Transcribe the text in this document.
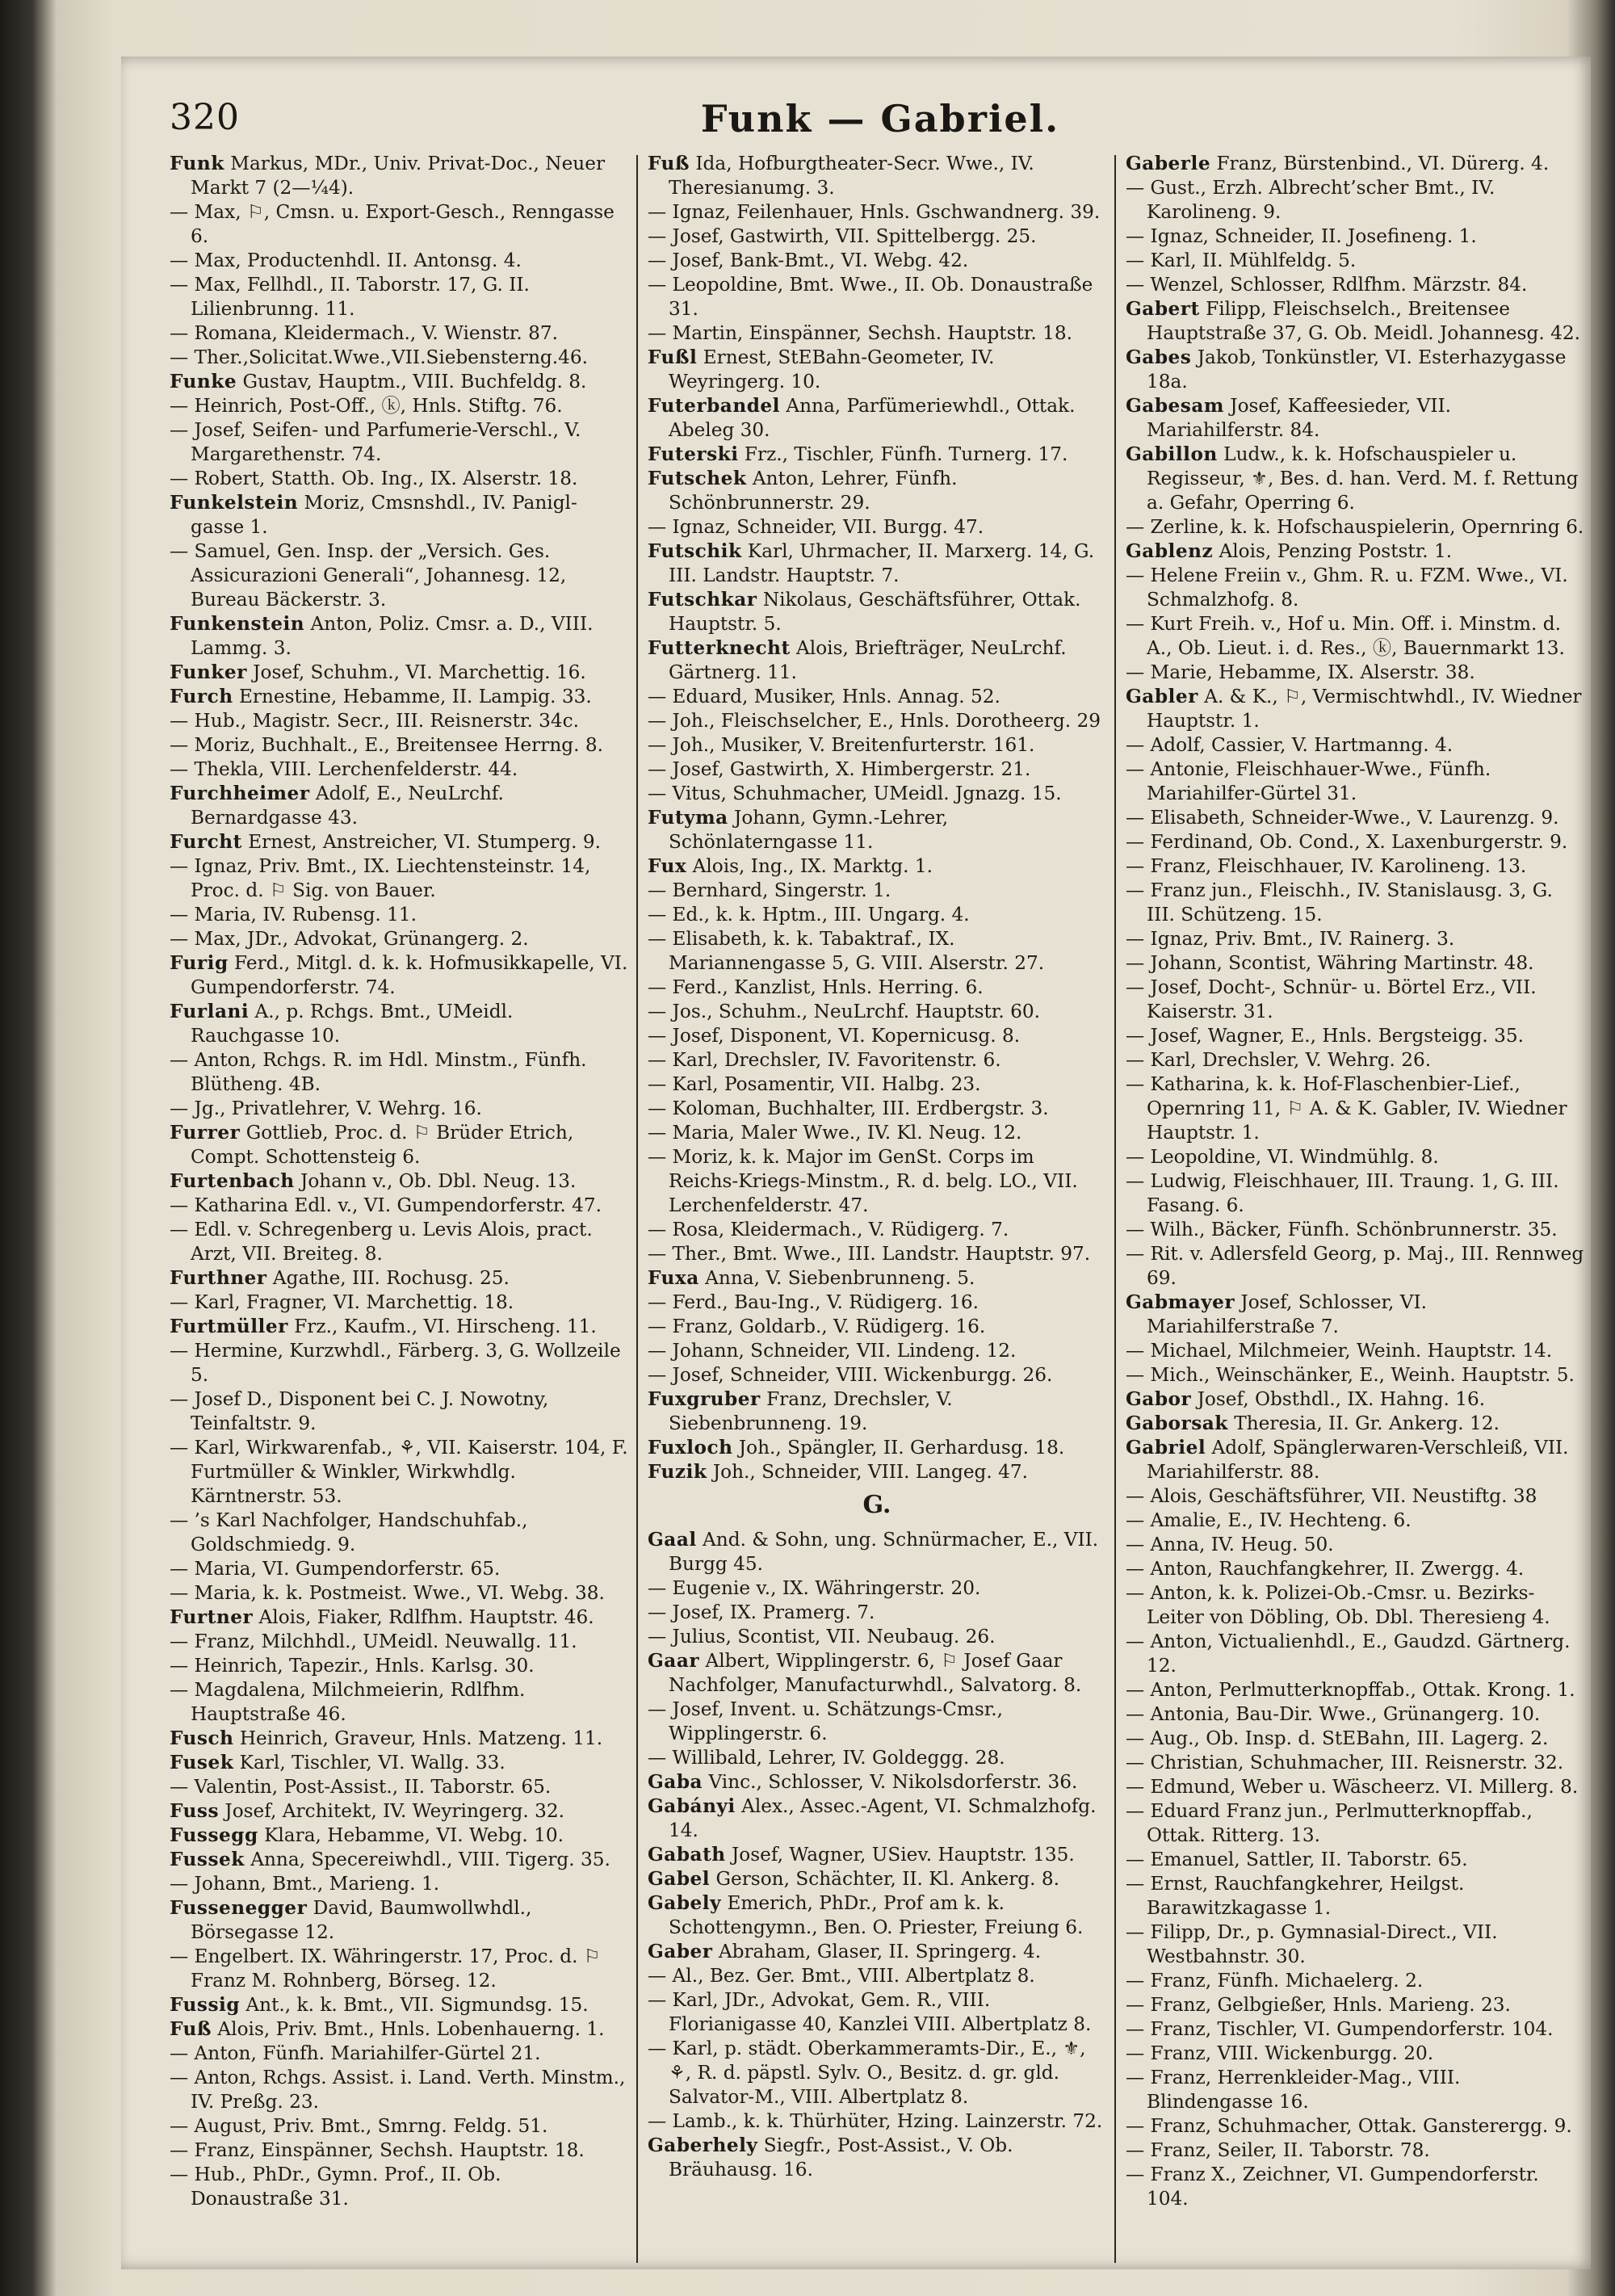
320	Funk — Gabriel.

Funk Markus, MDr., Univ. Privat-Doc., Neuer Markt 7 (2—¼4).

— Max, ⚐, Cmsn. u. Export-Gesch., Renngasse 6.

— Max, Productenhdl. II. Antonsg. 4.

— Max, Fellhdl., II. Taborstr. 17, G. II. Lilienbrunng. 11.

— Romana, Kleidermach., V. Wienstr. 87.

— Ther.,Solicitat.Wwe.,VII.Siebensterng.46.

Funke Gustav, Hauptm., VIII. Buchfeldg. 8.

— Heinrich, Post-Off., ⓚ, Hnls. Stiftg. 76.

— Josef, Seifen- und Parfumerie-Verschl., V. Margarethenstr. 74.

— Robert, Statth. Ob. Ing., IX. Alserstr. 18.

Funkelstein Moriz, Cmsnshdl., IV. Panigl-gasse 1.

— Samuel, Gen. Insp. der „Versich. Ges. Assicurazioni Generali“, Johannesg. 12, Bureau Bäckerstr. 3.

Funkenstein Anton, Poliz. Cmsr. a. D., VIII. Lammg. 3.

Funker Josef, Schuhm., VI. Marchettig. 16.

Furch Ernestine, Hebamme, II. Lampig. 33.

— Hub., Magistr. Secr., III. Reisnerstr. 34c.

— Moriz, Buchhalt., E., Breitensee Herrng. 8.

— Thekla, VIII. Lerchenfelderstr. 44.

Furchheimer Adolf, E., NeuLrchf. Bernardgasse 43.

Furcht Ernest, Anstreicher, VI. Stumperg. 9.

— Ignaz, Priv. Bmt., IX. Liechtensteinstr. 14, Proc. d. ⚐ Sig. von Bauer.

— Maria, IV. Rubensg. 11.

— Max, JDr., Advokat, Grünangerg. 2.

Furig Ferd., Mitgl. d. k. k. Hofmusikkapelle, VI. Gumpendorferstr. 74.

Furlani A., p. Rchgs. Bmt., UMeidl. Rauchgasse 10.

— Anton, Rchgs. R. im Hdl. Minstm., Fünfh. Blütheng. 4B.

— Jg., Privatlehrer, V. Wehrg. 16.

Furrer Gottlieb, Proc. d. ⚐ Brüder Etrich, Compt. Schottensteig 6.

Furtenbach Johann v., Ob. Dbl. Neug. 13.

— Katharina Edl. v., VI. Gumpendorferstr. 47.

— Edl. v. Schregenberg u. Levis Alois, pract. Arzt, VII. Breiteg. 8.

Furthner Agathe, III. Rochusg. 25.

— Karl, Fragner, VI. Marchettig. 18.

Furtmüller Frz., Kaufm., VI. Hirscheng. 11.

— Hermine, Kurzwhdl., Färberg. 3, G. Wollzeile 5.

— Josef D., Disponent bei C. J. Nowotny, Teinfaltstr. 9.

— Karl, Wirkwarenfab., ⚘, VII. Kaiserstr. 104, F. Furtmüller & Winkler, Wirkwhdlg. Kärntnerstr. 53.

— ’s Karl Nachfolger, Handschuhfab., Goldschmiedg. 9.

— Maria, VI. Gumpendorferstr. 65.

— Maria, k. k. Postmeist. Wwe., VI. Webg. 38.

Furtner Alois, Fiaker, Rdlfhm. Hauptstr. 46.

— Franz, Milchhdl., UMeidl. Neuwallg. 11.

— Heinrich, Tapezir., Hnls. Karlsg. 30.

— Magdalena, Milchmeierin, Rdlfhm. Hauptstraße 46.

Fusch Heinrich, Graveur, Hnls. Matzeng. 11.

Fusek Karl, Tischler, VI. Wallg. 33.

— Valentin, Post-Assist., II. Taborstr. 65.

Fuss Josef, Architekt, IV. Weyringerg. 32.

Fussegg Klara, Hebamme, VI. Webg. 10.

Fussek Anna, Specereiwhdl., VIII. Tigerg. 35.

— Johann, Bmt., Marieng. 1.

Fussenegger David, Baumwollwhdl., Börsegasse 12.

— Engelbert. IX. Währingerstr. 17, Proc. d. ⚐ Franz M. Rohnberg, Börseg. 12.

Fussig Ant., k. k. Bmt., VII. Sigmundsg. 15.

Fuß Alois, Priv. Bmt., Hnls. Lobenhauerng. 1.

— Anton, Fünfh. Mariahilfer-Gürtel 21.

— Anton, Rchgs. Assist. i. Land. Verth. Minstm., IV. Preßg. 23.

— August, Priv. Bmt., Smrng. Feldg. 51.

— Franz, Einspänner, Sechsh. Hauptstr. 18.

— Hub., PhDr., Gymn. Prof., II. Ob. Donaustraße 31.

Fuß Ida, Hofburgtheater-Secr. Wwe., IV. Theresianumg. 3.

— Ignaz, Feilenhauer, Hnls. Gschwandnerg. 39.

— Josef, Gastwirth, VII. Spittelbergg. 25.

— Josef, Bank-Bmt., VI. Webg. 42.

— Leopoldine, Bmt. Wwe., II. Ob. Donaustraße 31.

— Martin, Einspänner, Sechsh. Hauptstr. 18.

Fußl Ernest, StEBahn-Geometer, IV. Weyringerg. 10.

Futerbandel Anna, Parfümeriewhdl., Ottak. Abeleg 30.

Futerski Frz., Tischler, Fünfh. Turnerg. 17.

Futschek Anton, Lehrer, Fünfh. Schönbrunnerstr. 29.

— Ignaz, Schneider, VII. Burgg. 47.

Futschik Karl, Uhrmacher, II. Marxerg. 14, G. III. Landstr. Hauptstr. 7.

Futschkar Nikolaus, Geschäftsführer, Ottak. Hauptstr. 5.

Futterknecht Alois, Briefträger, NeuLrchf. Gärtnerg. 11.

— Eduard, Musiker, Hnls. Annag. 52.

— Joh., Fleischselcher, E., Hnls. Dorotheerg. 29

— Joh., Musiker, V. Breitenfurterstr. 161.

— Josef, Gastwirth, X. Himbergerstr. 21.

— Vitus, Schuhmacher, UMeidl. Jgnazg. 15.

Futyma Johann, Gymn.-Lehrer, Schönlaterngasse 11.

Fux Alois, Ing., IX. Marktg. 1.

— Bernhard, Singerstr. 1.

— Ed., k. k. Hptm., III. Ungarg. 4.

— Elisabeth, k. k. Tabaktraf., IX. Mariannengasse 5, G. VIII. Alserstr. 27.

— Ferd., Kanzlist, Hnls. Herring. 6.

— Jos., Schuhm., NeuLrchf. Hauptstr. 60.

— Josef, Disponent, VI. Kopernicusg. 8.

— Karl, Drechsler, IV. Favoritenstr. 6.

— Karl, Posamentir, VII. Halbg. 23.

— Koloman, Buchhalter, III. Erdbergstr. 3.

— Maria, Maler Wwe., IV. Kl. Neug. 12.

— Moriz, k. k. Major im GenSt. Corps im Reichs-Kriegs-Minstm., R. d. belg. LO., VII. Lerchenfelderstr. 47.

— Rosa, Kleidermach., V. Rüdigerg. 7.

— Ther., Bmt. Wwe., III. Landstr. Hauptstr. 97.

Fuxa Anna, V. Siebenbrunneng. 5.

— Ferd., Bau-Ing., V. Rüdigerg. 16.

— Franz, Goldarb., V. Rüdigerg. 16.

— Johann, Schneider, VII. Lindeng. 12.

— Josef, Schneider, VIII. Wickenburgg. 26.

Fuxgruber Franz, Drechsler, V. Siebenbrunneng. 19.

Fuxloch Joh., Spängler, II. Gerhardusg. 18.

Fuzik Joh., Schneider, VIII. Langeg. 47.

G.

Gaal And. & Sohn, ung. Schnürmacher, E., VII. Burgg 45.

— Eugenie v., IX. Währingerstr. 20.

— Josef, IX. Pramerg. 7.

— Julius, Scontist, VII. Neubaug. 26.

Gaar Albert, Wipplingerstr. 6, ⚐ Josef Gaar Nachfolger, Manufacturwhdl., Salvatorg. 8.

— Josef, Invent. u. Schätzungs-Cmsr., Wipplingerstr. 6.

— Willibald, Lehrer, IV. Goldeggg. 28.

Gaba Vinc., Schlosser, V. Nikolsdorferstr. 36.

Gabányi Alex., Assec.-Agent, VI. Schmalzhofg. 14.

Gabath Josef, Wagner, USiev. Hauptstr. 135.

Gabel Gerson, Schächter, II. Kl. Ankerg. 8.

Gabely Emerich, PhDr., Prof am k. k. Schottengymn., Ben. O. Priester, Freiung 6.

Gaber Abraham, Glaser, II. Springerg. 4.

— Al., Bez. Ger. Bmt., VIII. Albertplatz 8.

— Karl, JDr., Advokat, Gem. R., VIII. Florianigasse 40, Kanzlei VIII. Albertplatz 8.

— Karl, p. städt. Oberkammeramts-Dir., E., ⚜, ⚘, R. d. päpstl. Sylv. O., Besitz. d. gr. gld. Salvator-M., VIII. Albertplatz 8.

— Lamb., k. k. Thürhüter, Hzing. Lainzerstr. 72.

Gaberhely Siegfr., Post-Assist., V. Ob. Bräuhausg. 16.

Gaberle Franz, Bürstenbind., VI. Dürerg. 4.

— Gust., Erzh. Albrecht’scher Bmt., IV. Karolineng. 9.

— Ignaz, Schneider, II. Josefineng. 1.

— Karl, II. Mühlfeldg. 5.

— Wenzel, Schlosser, Rdlfhm. Märzstr. 84.

Gabert Filipp, Fleischselch., Breitensee Hauptstraße 37, G. Ob. Meidl. Johannesg. 42.

Gabes Jakob, Tonkünstler, VI. Esterhazygasse 18a.

Gabesam Josef, Kaffeesieder, VII. Mariahilferstr. 84.

Gabillon Ludw., k. k. Hofschauspieler u. Regisseur, ⚜, Bes. d. han. Verd. M. f. Rettung a. Gefahr, Operring 6.

— Zerline, k. k. Hofschauspielerin, Opernring 6.

Gablenz Alois, Penzing Poststr. 1.

— Helene Freiin v., Ghm. R. u. FZM. Wwe., VI. Schmalzhofg. 8.

— Kurt Freih. v., Hof u. Min. Off. i. Minstm. d. A., Ob. Lieut. i. d. Res., ⓚ, Bauernmarkt 13.

— Marie, Hebamme, IX. Alserstr. 38.

Gabler A. & K., ⚐, Vermischtwhdl., IV. Wiedner Hauptstr. 1.

— Adolf, Cassier, V. Hartmanng. 4.

— Antonie, Fleischhauer-Wwe., Fünfh. Mariahilfer-Gürtel 31.

— Elisabeth, Schneider-Wwe., V. Laurenzg. 9.

— Ferdinand, Ob. Cond., X. Laxenburgerstr. 9.

— Franz, Fleischhauer, IV. Karolineng. 13.

— Franz jun., Fleischh., IV. Stanislausg. 3, G. III. Schützeng. 15.

— Ignaz, Priv. Bmt., IV. Rainerg. 3.

— Johann, Scontist, Währing Martinstr. 48.

— Josef, Docht-, Schnür- u. Börtel Erz., VII. Kaiserstr. 31.

— Josef, Wagner, E., Hnls. Bergsteigg. 35.

— Karl, Drechsler, V. Wehrg. 26.

— Katharina, k. k. Hof-Flaschenbier-Lief., Opernring 11, ⚐ A. & K. Gabler, IV. Wiedner Hauptstr. 1.

— Leopoldine, VI. Windmühlg. 8.

— Ludwig, Fleischhauer, III. Traung. 1, G. III. Fasang. 6.

— Wilh., Bäcker, Fünfh. Schönbrunnerstr. 35.

— Rit. v. Adlersfeld Georg, p. Maj., III. Rennweg 69.

Gabmayer Josef, Schlosser, VI. Mariahilferstraße 7.

— Michael, Milchmeier, Weinh. Hauptstr. 14.

— Mich., Weinschänker, E., Weinh. Hauptstr. 5.

Gabor Josef, Obsthdl., IX. Hahng. 16.

Gaborsak Theresia, II. Gr. Ankerg. 12.

Gabriel Adolf, Spänglerwaren-Verschleiß, VII. Mariahilferstr. 88.

— Alois, Geschäftsführer, VII. Neustiftg. 38

— Amalie, E., IV. Hechteng. 6.

— Anna, IV. Heug. 50.

— Anton, Rauchfangkehrer, II. Zwergg. 4.

— Anton, k. k. Polizei-Ob.-Cmsr. u. Bezirks-Leiter von Döbling, Ob. Dbl. Theresieng 4.

— Anton, Victualienhdl., E., Gaudzd. Gärtnerg. 12.

— Anton, Perlmutterknopffab., Ottak. Krong. 1.

— Antonia, Bau-Dir. Wwe., Grünangerg. 10.

— Aug., Ob. Insp. d. StEBahn, III. Lagerg. 2.

— Christian, Schuhmacher, III. Reisnerstr. 32.

— Edmund, Weber u. Wäschеerz. VI. Millerg. 8.

— Eduard Franz jun., Perlmutterknopffab., Ottak. Ritterg. 13.

— Emanuel, Sattler, II. Taborstr. 65.

— Ernst, Rauchfangkehrer, Heilgst. Barawitzkagasse 1.

— Filipp, Dr., p. Gymnasial-Direct., VII. Westbahnstr. 30.

— Franz, Fünfh. Michaelerg. 2.

— Franz, Gelbgießer, Hnls. Marieng. 23.

— Franz, Tischler, VI. Gumpendorferstr. 104.

— Franz, VIII. Wickenburgg. 20.

— Franz, Herrenkleider-Mag., VIII. Blindengasse 16.

— Franz, Schuhmacher, Ottak. Gansterergg. 9.

— Franz, Seiler, II. Taborstr. 78.

— Franz X., Zeichner, VI. Gumpendorferstr. 104.
